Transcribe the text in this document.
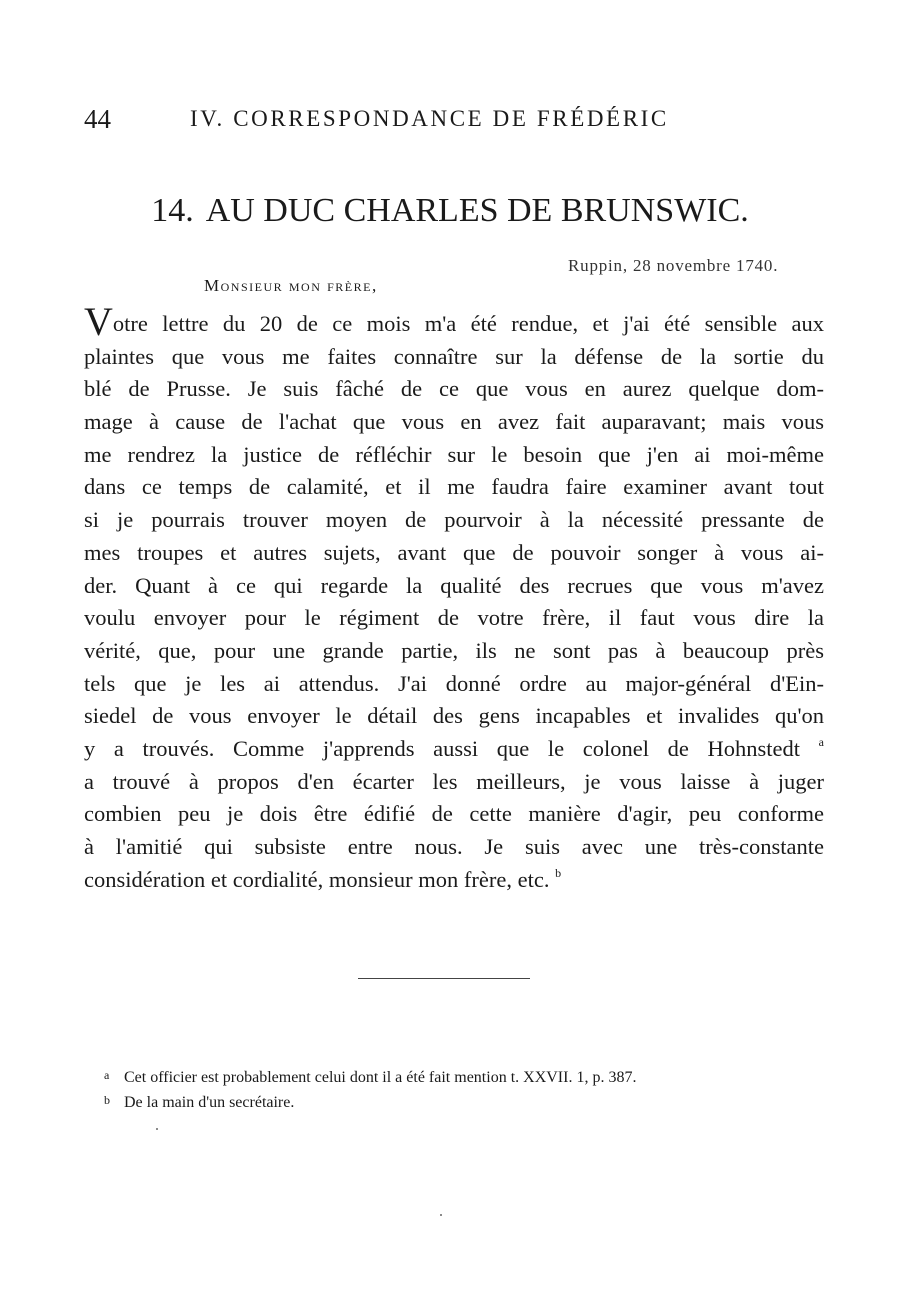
44	IV. CORRESPONDANCE DE FRÉDÉRIC
14. AU DUC CHARLES DE BRUNSWIC.
Ruppin, 28 novembre 1740.
Monsieur mon frère,
Votre lettre du 20 de ce mois m'a été rendue, et j'ai été sensible aux
plaintes que vous me faites connaître sur la défense de la sortie du
blé de Prusse. Je suis fâché de ce que vous en aurez quelque dom-
mage à cause de l'achat que vous en avez fait auparavant; mais vous
me rendrez la justice de réfléchir sur le besoin que j'en ai moi-même
dans ce temps de calamité, et il me faudra faire examiner avant tout
si je pourrais trouver moyen de pourvoir à la nécessité pressante de
mes troupes et autres sujets, avant que de pouvoir songer à vous ai-
der. Quant à ce qui regarde la qualité des recrues que vous m'avez
voulu envoyer pour le régiment de votre frère, il faut vous dire la
vérité, que, pour une grande partie, ils ne sont pas à beaucoup près
tels que je les ai attendus. J'ai donné ordre au major-général d'Ein-
siedel de vous envoyer le détail des gens incapables et invalides qu'on
y a trouvés. Comme j'apprends aussi que le colonel de Hohnstedt $^a$
a trouvé à propos d'en écarter les meilleurs, je vous laisse à juger
combien peu je dois être édifié de cette manière d'agir, peu conforme
à l'amitié qui subsiste entre nous. Je suis avec une très-constante
considération et cordialité, monsieur mon frère, etc. $^b$
a Cet officier est probablement celui dont il a été fait mention t. XXVII. 1, p. 387.
b De la main d'un secrétaire.
